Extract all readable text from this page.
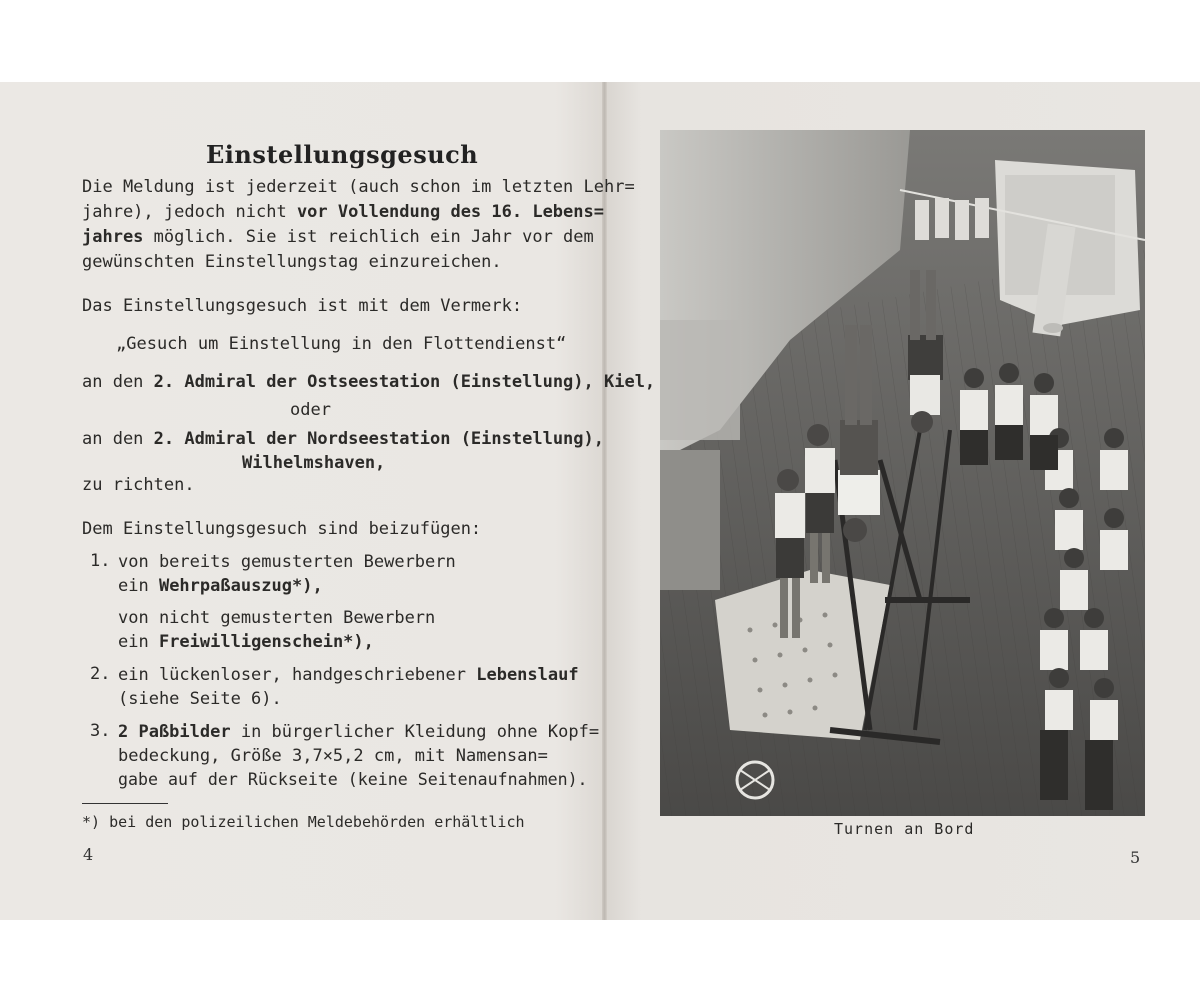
Einstellungsgesuch
Die Meldung ist jederzeit (auch schon im letzten Lehr=
jahre), jedoch nicht vor Vollendung des 16. Lebens=
jahres möglich. Sie ist reichlich ein Jahr vor dem
gewünschten Einstellungstag einzureichen.
Das Einstellungsgesuch ist mit dem Vermerk:
„Gesuch um Einstellung in den Flottendienst“
an den 2. Admiral der Ostseestation (Einstellung), Kiel,
oder
an den 2. Admiral der Nordseestation (Einstellung),
Wilhelmshaven,
zu richten.
Dem Einstellungsgesuch sind beizufügen:
1. von bereits gemusterten Bewerbern
ein Wehrpaßauszug*),
von nicht gemusterten Bewerbern
ein Freiwilligenschein*),
2. ein lückenloser, handgeschriebener Lebenslauf
(siehe Seite 6).
3. 2 Paßbilder in bürgerlicher Kleidung ohne Kopf=
bedeckung, Größe 3,7×5,2 cm, mit Namensan=
gabe auf der Rückseite (keine Seitenaufnahmen).
*) bei den polizeilichen Meldebehörden erhältlich
4
Turnen an Bord
5
